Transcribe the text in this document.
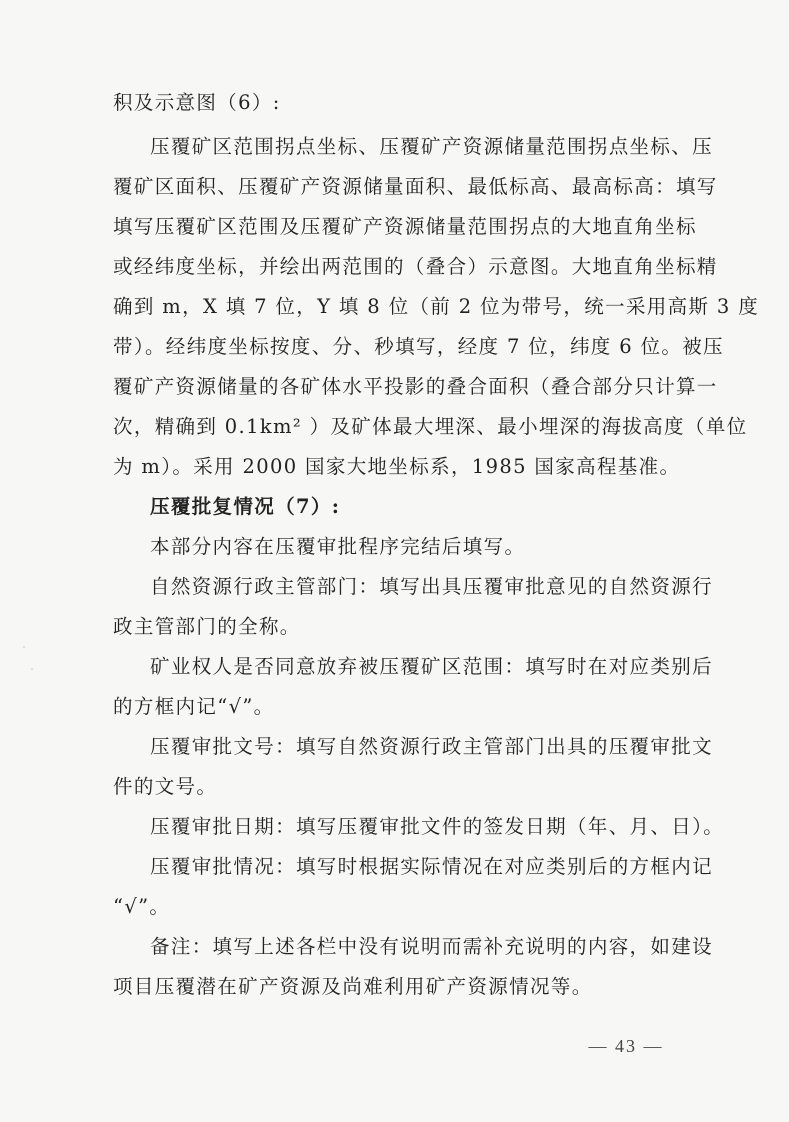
积及示意图（6）:
压覆矿区范围拐点坐标、压覆矿产资源储量范围拐点坐标、压
覆矿区面积、压覆矿产资源储量面积、最低标高、最高标高：填写
填写压覆矿区范围及压覆矿产资源储量范围拐点的大地直角坐标
或经纬度坐标，并绘出两范围的（叠合）示意图。大地直角坐标精
确到 m，X 填 7 位，Y 填 8 位（前 2 位为带号，统一采用高斯 3 度
带）。经纬度坐标按度、分、秒填写，经度 7 位，纬度 6 位。被压
覆矿产资源储量的各矿体水平投影的叠合面积（叠合部分只计算一
次，精确到 0.1km² ）及矿体最大埋深、最小埋深的海拔高度（单位
为 m）。采用 2000 国家大地坐标系，1985 国家高程基准。
压覆批复情况（7）:
本部分内容在压覆审批程序完结后填写。
自然资源行政主管部门：填写出具压覆审批意见的自然资源行
政主管部门的全称。
矿业权人是否同意放弃被压覆矿区范围：填写时在对应类别后
的方框内记“√”。
压覆审批文号：填写自然资源行政主管部门出具的压覆审批文
件的文号。
压覆审批日期：填写压覆审批文件的签发日期（年、月、日）。
压覆审批情况：填写时根据实际情况在对应类别后的方框内记
“√”。
备注：填写上述各栏中没有说明而需补充说明的内容，如建设
项目压覆潜在矿产资源及尚难利用矿产资源情况等。
— 43 —
